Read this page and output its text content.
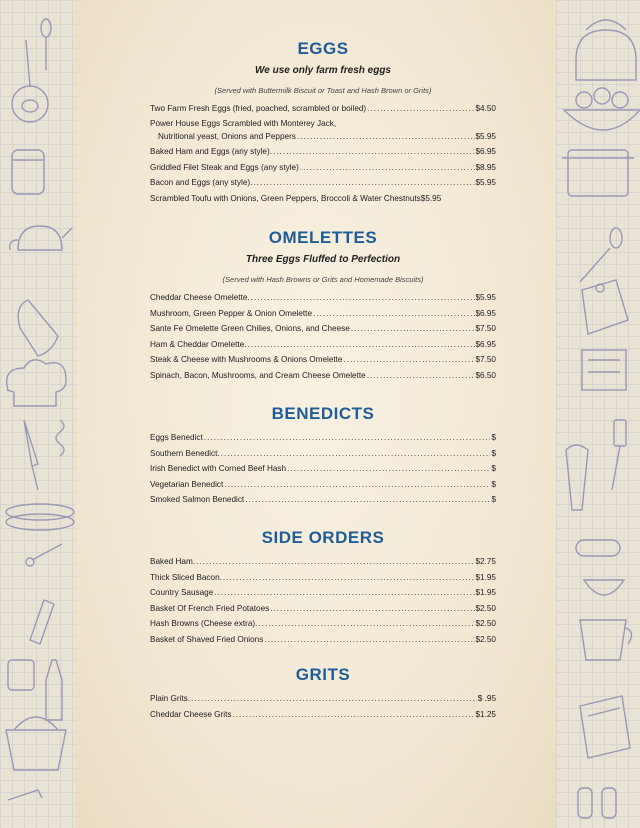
EGGS
We use only farm fresh eggs
(Served with Buttermilk Biscuit or Toast and Hash Brown or Grits)
Two Farm Fresh Eggs (fried, poached, scrambled or boiled) .....	$4.50
Power House Eggs Scrambled with Monterey Jack,
Nutritional yeast, Onions and Peppers .....	$5.95
Baked Ham and Eggs (any style). .....	$6.95
Griddled Filet Steak and Eggs (any style) .....	$8.95
Bacon and Eggs (any style). .....	$5.95
Scrambled Toufu with Onions, Green Peppers, Broccoli & Water Chestnuts $5.95
OMELETTES
Three Eggs Fluffed to Perfection
(Served with Hash Browns or Grits and Homemade Biscuits)
Cheddar Cheese Omelette. .....	$5.95
Mushroom, Green Pepper & Onion Omelette .....	$6.95
Sante Fe Omelette Green Chilies, Onions, and Cheese .....	$7.50
Ham & Cheddar Omelette. .....	$6.95
Steak & Cheese with Mushrooms & Onions Omelette .....	$7.50
Spinach, Bacon, Mushrooms, and Cream Cheese Omelette .....	$6.50
BENEDICTS
Eggs Benedict .....	$
Southern Benedict. .....	$
Irish Benedict with Corned Beef Hash .....	$
Vegetarian Benedict .....	$
Smoked Salmon Benedict .....	$
SIDE ORDERS
Baked Ham. .....	$2.75
Thick Sliced Bacon. .....	$1.95
Country Sausage .....	$1.95
Basket Of French Fried Potatoes .....	$2.50
Hash Browns (Cheese extra). .....	$2.50
Basket of Shaved Fried Onions .....	$2.50
GRITS
Plain Grits. .....	$ .95
Cheddar Cheese Grits .....	$1.25
